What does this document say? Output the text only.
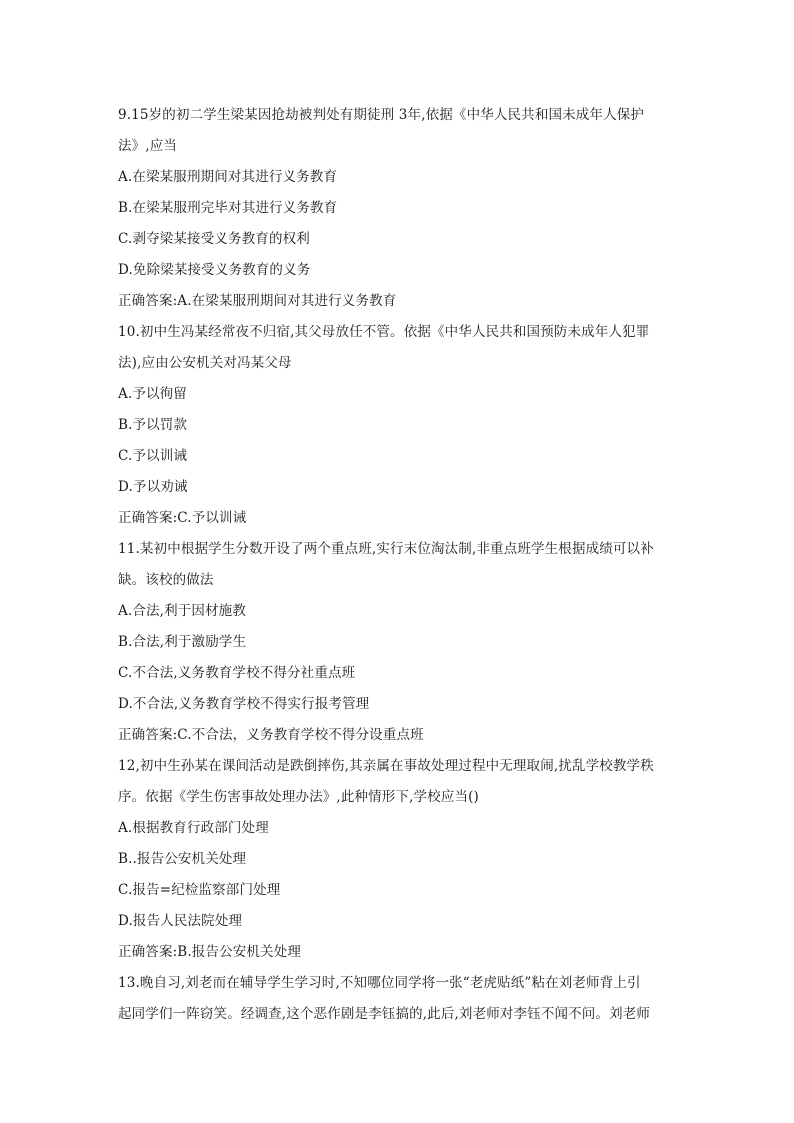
9.15岁的初二学生梁某因抢劫被判处有期徒刑 3年,依据《中华人民共和国未成年人保护
法》,应当
A.在梁某服刑期间对其进行义务教育
B.在梁某服刑完毕对其进行义务教育
C.剥夺梁某接受义务教育的权利
D.免除梁某接受义务教育的义务
正确答案:A.在梁某服刑期间对其进行义务教育
10.初中生冯某经常夜不归宿,其父母放任不管。依据《中华人民共和国预防未成年人犯罪
法),应由公安机关对冯某父母
A.予以徇留
B.予以罚款
C.予以训诫
D.予以劝诫
正确答案:C.予以训诫
11.某初中根据学生分数开设了两个重点班,实行末位淘汰制,非重点班学生根据成绩可以补
缺。该校的做法
A.合法,利于因材施教
B.合法,利于激励学生
C.不合法,义务教育学校不得分社重点班
D.不合法,义务教育学校不得实行报考管理
正确答案:C.不合法，义务教育学校不得分设重点班
12,初中生孙某在课间活动是跌倒摔伤,其亲属在事故处理过程中无理取闹,扰乱学校教学秩
序。依据《学生伤害事故处理办法》,此种情形下,学校应当()
A.根据教育行政部门处理
B..报告公安机关处理
C.报告=纪检监察部门处理
D.报告人民法院处理
正确答案:B.报告公安机关处理
13.晚自习,刘老而在辅导学生学习时,不知哪位同学将一张“老虎贴纸”粘在刘老师背上引
起同学们一阵窃笑。经调查,这个恶作剧是李钰搞的,此后,刘老师对李钰不闻不问。刘老师
